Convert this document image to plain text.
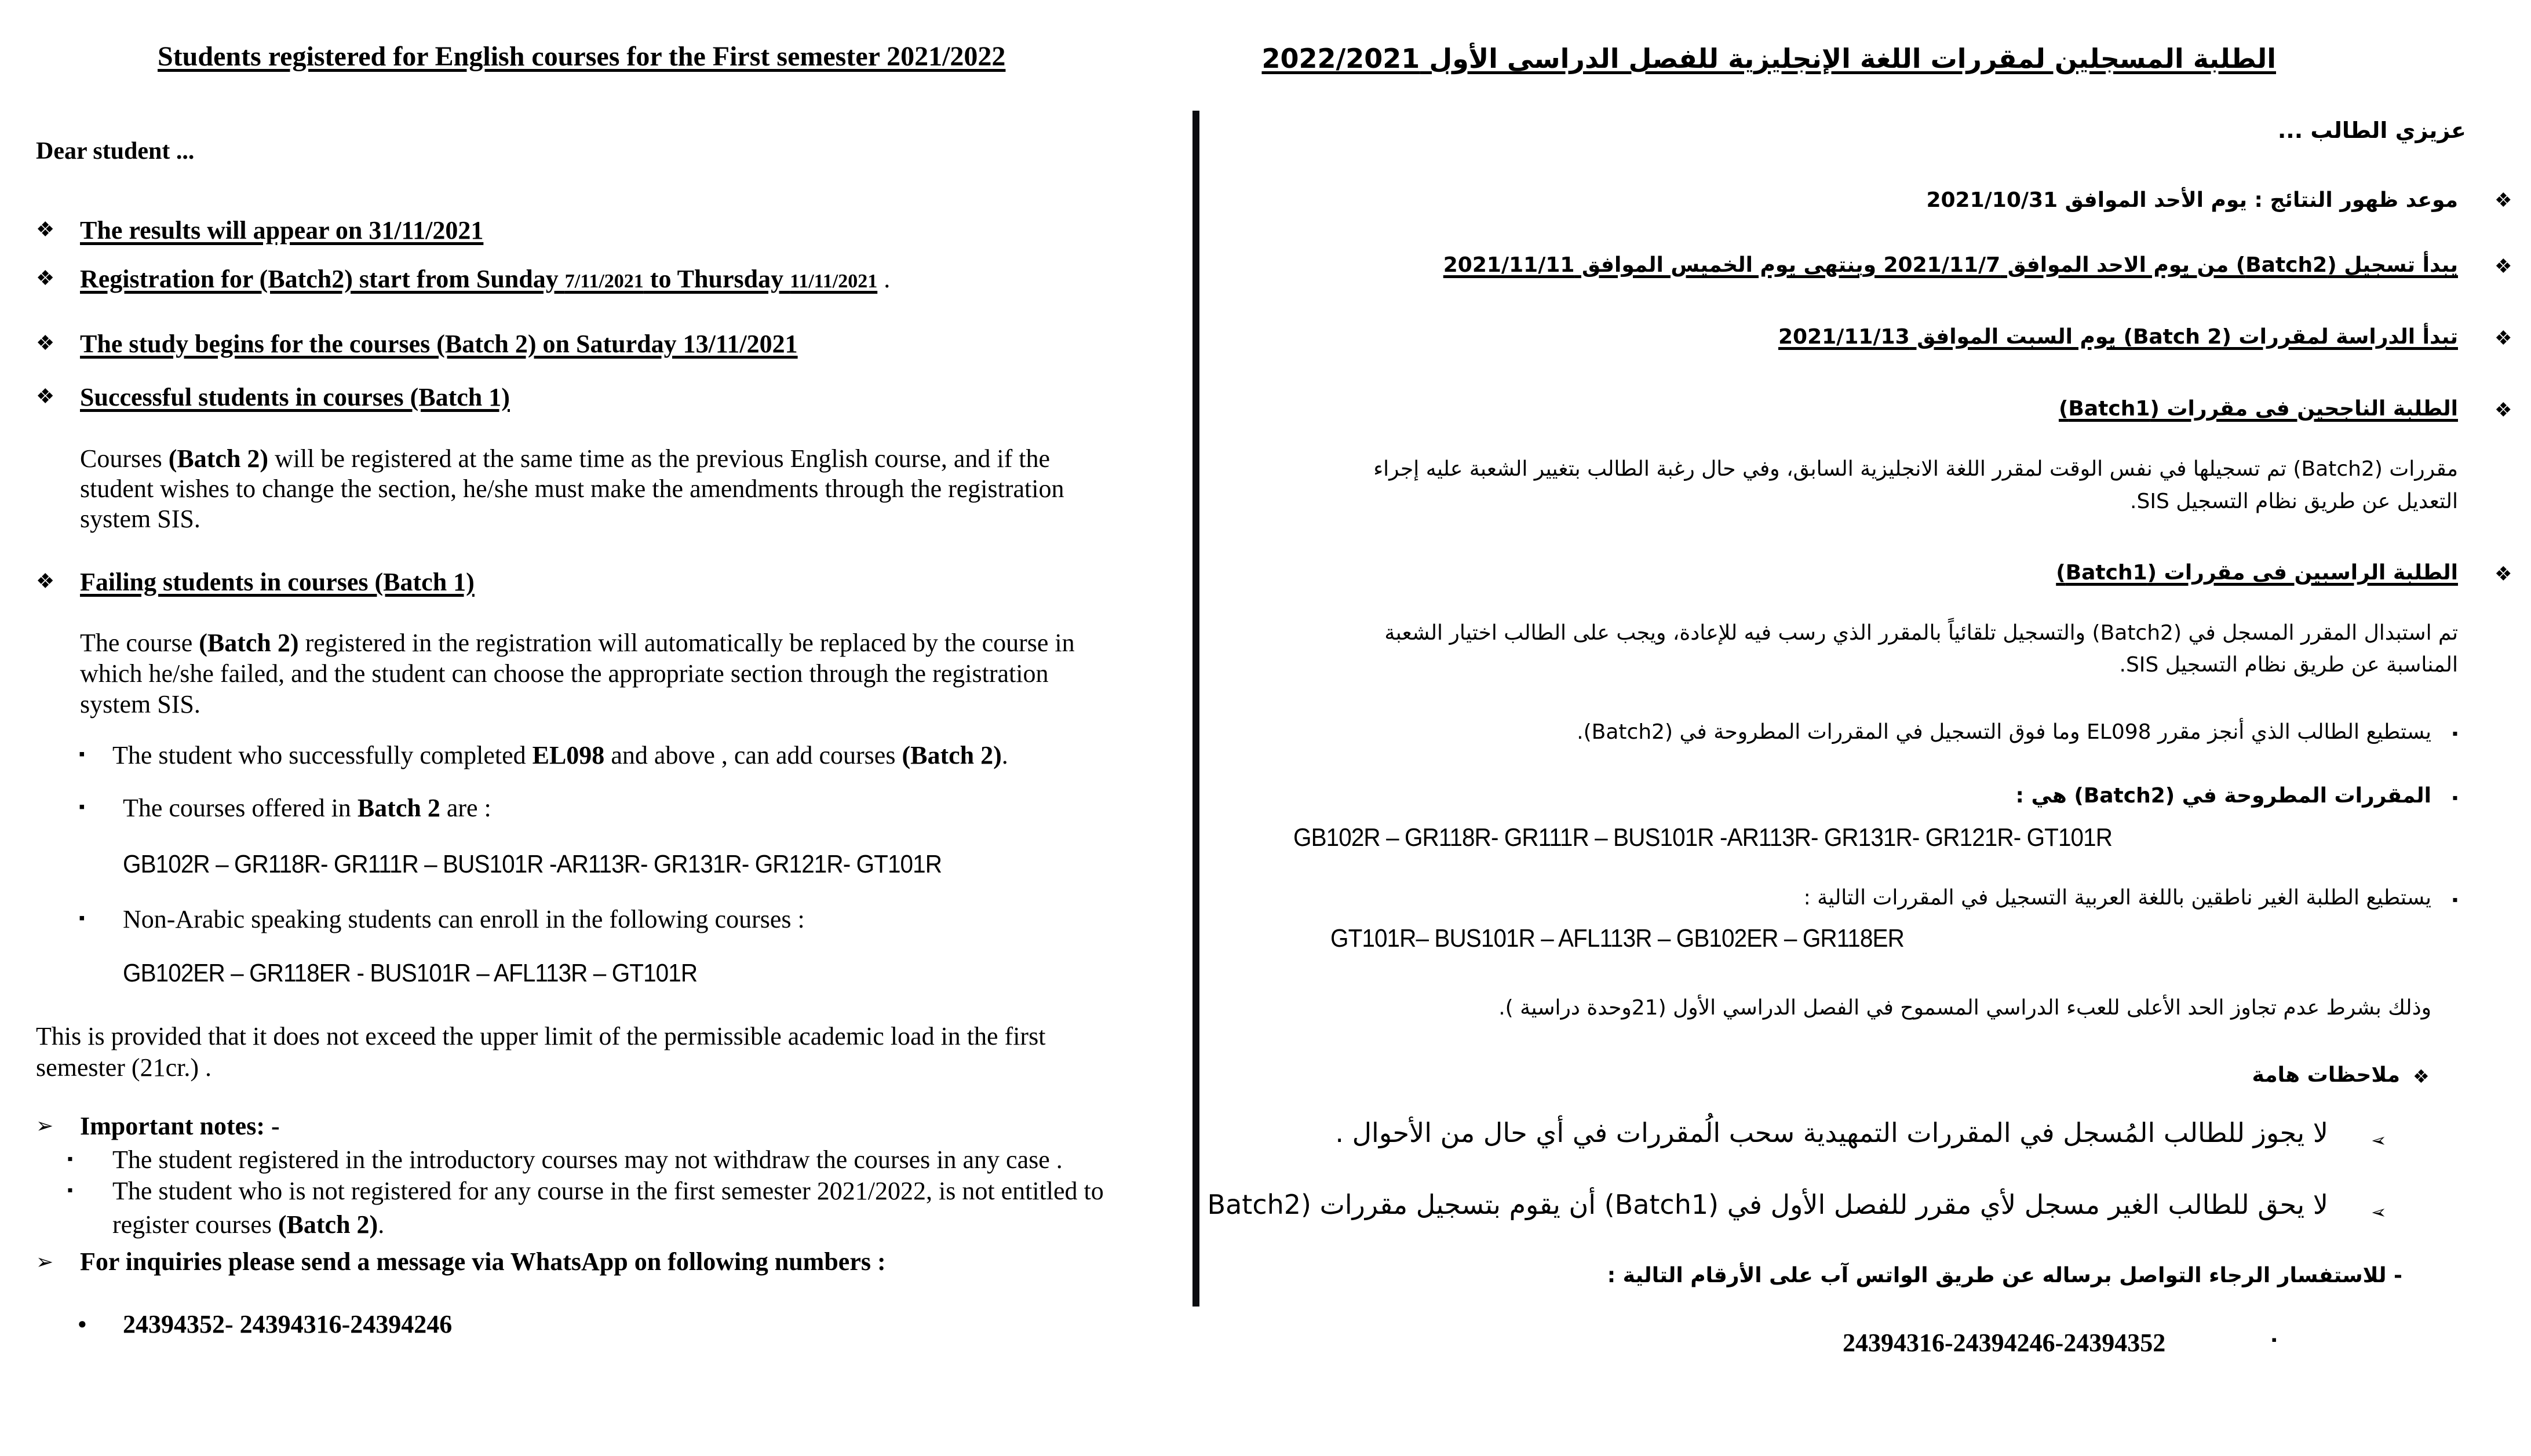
Students registered for English courses for the First semester 2021/2022
Dear student ...
❖ The results will appear on 31/11/2021
❖ Registration for (Batch2) start from Sunday 7/11/2021 to Thursday 11/11/2021 .
❖ The study begins for the courses (Batch 2) on Saturday 13/11/2021
❖ Successful students in courses (Batch 1)
Courses (Batch 2) will be registered at the same time as the previous English course, and if the
student wishes to change the section, he/she must make the amendments through the registration
system SIS.
❖ Failing students in courses (Batch 1)
The course (Batch 2) registered in the registration will automatically be replaced by the course in
which he/she failed, and the student can choose the appropriate section through the registration
system SIS.
▪ The student who successfully completed EL098 and above , can add courses (Batch 2).
▪ The courses offered in Batch 2 are :
GB102R – GR118R- GR111R – BUS101R -AR113R- GR131R- GR121R- GT101R
▪ Non-Arabic speaking students can enroll in the following courses :
GB102ER – GR118ER - BUS101R – AFL113R – GT101R
This is provided that it does not exceed the upper limit of the permissible academic load in the first
semester (21cr.) .
➢ Important notes: -
▪ The student registered in the introductory courses may not withdraw the courses in any case .
▪ The student who is not registered for any course in the first semester 2021/2022, is not entitled to
register courses (Batch 2).
➢ For inquiries please send a message via WhatsApp on following numbers :
● 24394352- 24394316-24394246
الطلبة المسجلين لمقررات اللغة الإنجليزية للفصل الدراسى الأول 2022/2021
عزيزي الطالب ...
❖
موعد ظهور النتائج : يوم الأحد الموافق 2021/10/31
❖
يبدأ تسجيل (Batch2) من يوم الاحد الموافق 2021/11/7 وينتهى يوم الخميس الموافق 2021/11/11
❖
تبدأ الدراسة لمقررات (Batch 2) يوم السبت الموافق 2021/11/13
❖
الطلبة الناجحين فى مقررات (Batch1)
مقررات (Batch2) تم تسجيلها في نفس الوقت لمقرر اللغة الانجليزية السابق، وفي حال رغبة الطالب بتغيير الشعبة عليه إجراء
التعديل عن طريق نظام التسجيل SIS.
❖
الطلبة الراسبين فى مقررات (Batch1)
تم استبدال المقرر المسجل في (Batch2) والتسجيل تلقائياً بالمقرر الذي رسب فيه للإعادة، ويجب على الطالب اختيار الشعبة
المناسبة عن طريق نظام التسجيل SIS.
▪
يستطيع الطالب الذي أنجز مقرر EL098 وما فوق التسجيل في المقررات المطروحة في (Batch2).
▪
المقررات المطروحة في (Batch2) هي :
GB102R – GR118R- GR111R – BUS101R -AR113R- GR131R- GR121R- GT101R
▪
يستطيع الطلبة الغير ناطقين باللغة العربية التسجيل في المقررات التالية :
GT101R– BUS101R – AFL113R – GB102ER – GR118ER
وذلك بشرط عدم تجاوز الحد الأعلى للعبء الدراسي المسموح في الفصل الدراسي الأول (21وحدة دراسية ).
❖
ملاحظات هامة
➢
لا يجوز للطالب المُسجل في المقررات التمهيدية سحب الُمقررات في أي حال من الأحوال .
➢
لا يحق للطالب الغير مسجل لأي مقرر للفصل الأول في (Batch1) أن يقوم بتسجيل مقررات (Batch2
- للاستفسار الرجاء التواصل برساله عن طريق الواتس آب على الأرقام التالية :
▪
24394316-24394246-24394352
